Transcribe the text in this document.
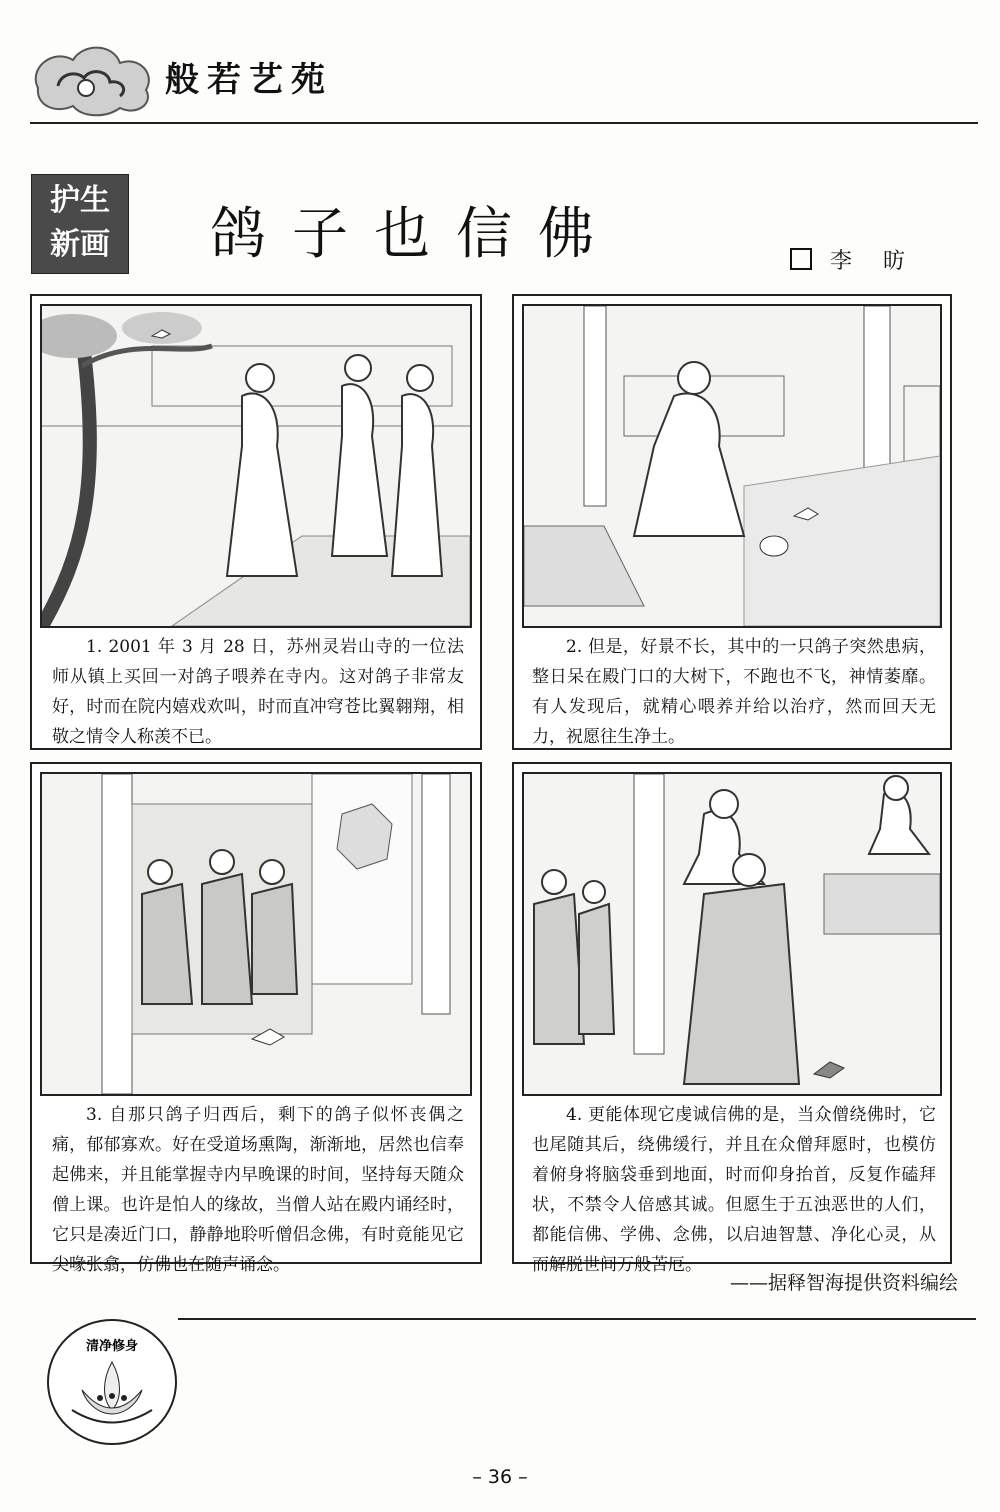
般若艺苑
护生
新画	鸽子也信佛	李 昉
1. 2001 年 3 月 28 日，苏州灵岩山寺的一位法师从镇上买回一对鸽子喂养在寺内。这对鸽子非常友好，时而在院内嬉戏欢叫，时而直冲穹苍比翼翱翔，相敬之情令人称羡不已。
2. 但是，好景不长，其中的一只鸽子突然患病，整日呆在殿门口的大树下，不跑也不飞，神情萎靡。有人发现后，就精心喂养并给以治疗，然而回天无力，祝愿往生净土。
3. 自那只鸽子归西后，剩下的鸽子似怀丧偶之痛，郁郁寡欢。好在受道场熏陶，渐渐地，居然也信奉起佛来，并且能掌握寺内早晚课的时间，坚持每天随众僧上课。也许是怕人的缘故，当僧人站在殿内诵经时，它只是凑近门口，静静地聆听僧侣念佛，有时竟能见它尖喙张翕，仿佛也在随声诵念。
4. 更能体现它虔诚信佛的是，当众僧绕佛时，它也尾随其后，绕佛缓行，并且在众僧拜愿时，也模仿着俯身将脑袋垂到地面，时而仰身抬首，反复作磕拜状，不禁令人倍感其诚。但愿生于五浊恶世的人们，都能信佛、学佛、念佛，以启迪智慧、净化心灵，从而解脱世间万般苦厄。
——据释智海提供资料编绘
清净修身
– 36 –
